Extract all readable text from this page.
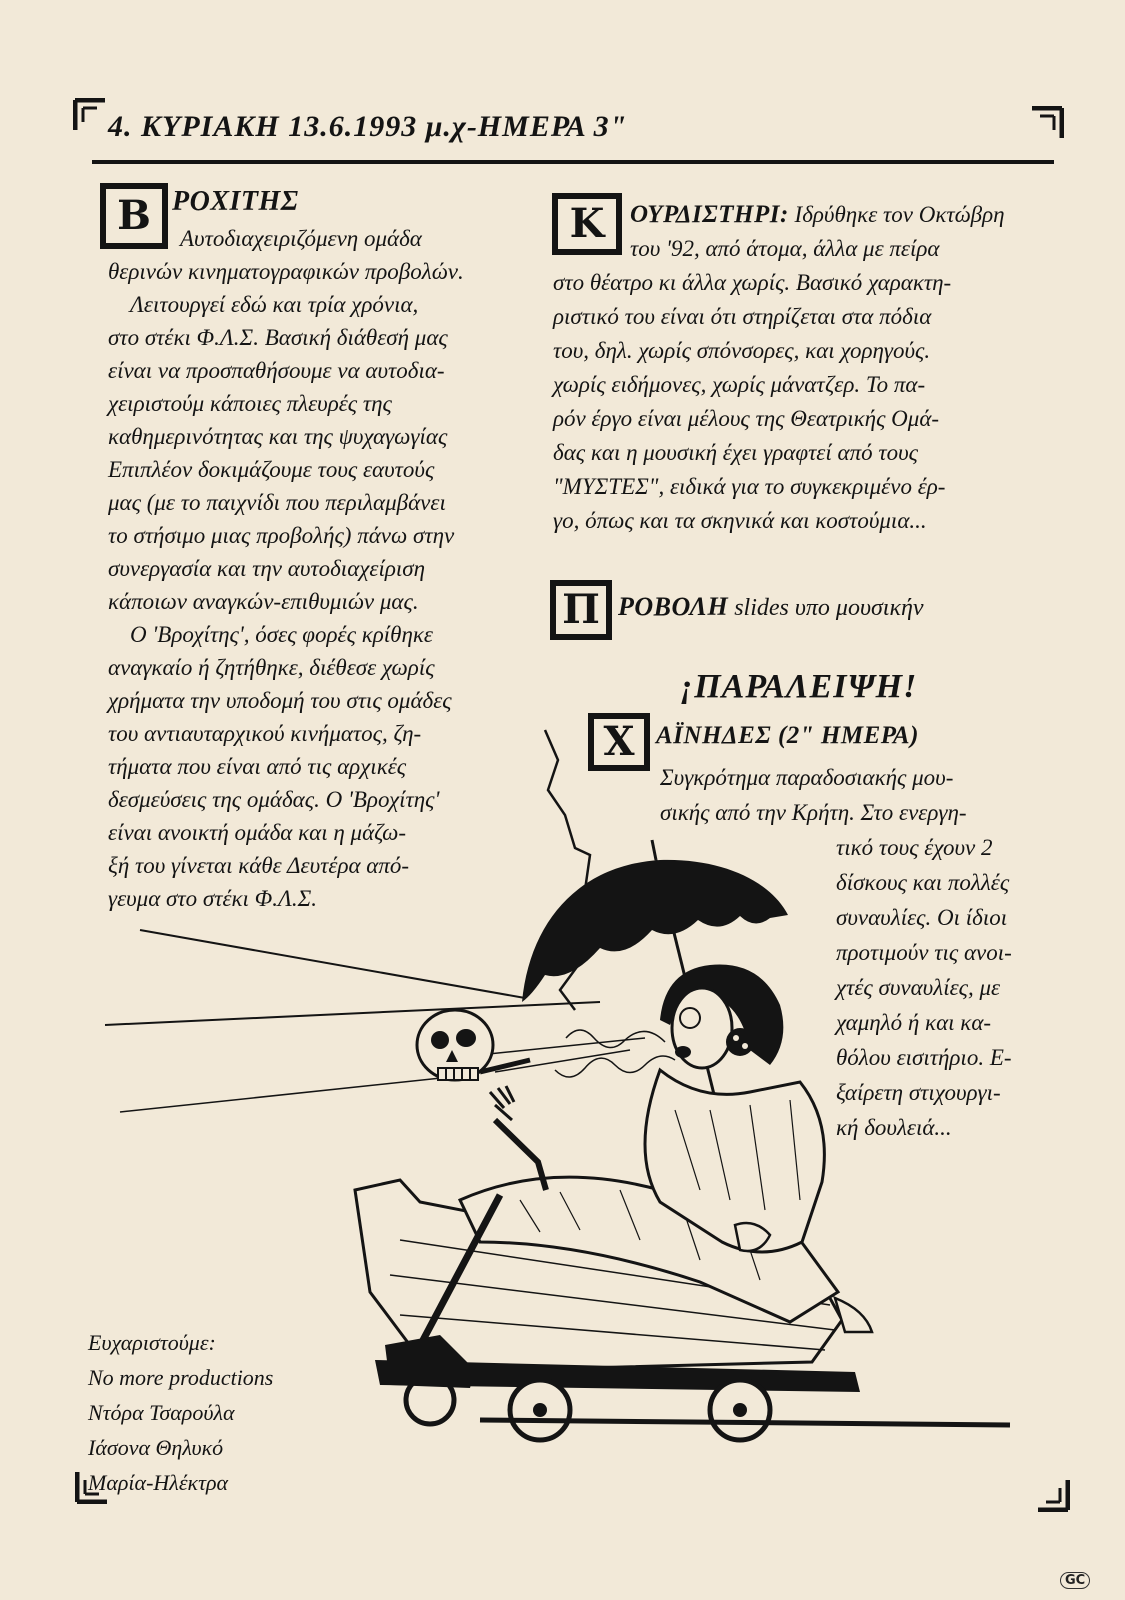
4. ΚΥΡΙΑΚΗ 13.6.1993 μ.χ-ΗΜΕΡΑ 3"
B ΡΟΧΙΤΗΣ
Αυτοδιαχειριζόμενη ομάδα
θερινών κινηματογραφικών προβολών.
Λειτουργεί εδώ και τρία χρόνια,
στο στέκι Φ.Λ.Σ. Βασική διάθεσή μας
είναι να προσπαθήσουμε να αυτοδια-
χειριστούμ κάποιες πλευρές της
καθημερινότητας και της ψυχαγωγίας
Επιπλέον δοκιμάζουμε τους εαυτούς
μας (με το παιχνίδι που περιλαμβάνει
το στήσιμο μιας προβολής) πάνω στην
συνεργασία και την αυτοδιαχείριση
κάποιων αναγκών-επιθυμιών μας.
Ο 'Βροχίτης', όσες φορές κρίθηκε
αναγκαίο ή ζητήθηκε, διέθεσε χωρίς
χρήματα την υποδομή του στις ομάδες
του αντιαυταρχικού κινήματος, ζη-
τήματα που είναι από τις αρχικές
δεσμεύσεις της ομάδας. Ο 'Βροχίτης'
είναι ανοικτή ομάδα και η μάζω-
ξή του γίνεται κάθε Δευτέρα από-
γευμα στο στέκι Φ.Λ.Σ.
K	ΟΥΡΔΙΣΤΗΡΙ: Ιδρύθηκε τον Οκτώβρη
του '92, από άτομα, άλλα με πείρα
στο θέατρο κι άλλα χωρίς. Βασικό χαρακτη-
ριστικό του είναι ότι στηρίζεται στα πόδια
του, δηλ. χωρίς σπόνσορες, και χορηγούς.
χωρίς ειδήμονες, χωρίς μάνατζερ. Το πα-
ρόν έργο είναι μέλους της Θεατρικής Ομά-
δας και η μουσική έχει γραφτεί από τους
"ΜΥΣΤΕΣ", ειδικά για το συγκεκριμένο έρ-
γο, όπως και τα σκηνικά και κοστούμια...
Π ΡΟΒΟΛΗ slides υπο μουσικήν
¡ΠΑΡΑΛΕΙΨΗ!
X ΑΪΝΗΔΕΣ (2" ΗΜΕΡΑ)
Συγκρότημα παραδοσιακής μου-
σικής από την Κρήτη. Στο ενεργη-
τικό τους έχουν 2
δίσκους και πολλές
συναυλίες. Οι ίδιοι
προτιμούν τις ανοι-
χτές συναυλίες, με
χαμηλό ή και κα-
θόλου εισιτήριο. Ε-
ξαίρετη στιχουργι-
κή δουλειά...
Ευχαριστούμε:
No more productions
Ντόρα Τσαρούλα
Ιάσονα Θηλυκό
Μαρία-Ηλέκτρα
GC
